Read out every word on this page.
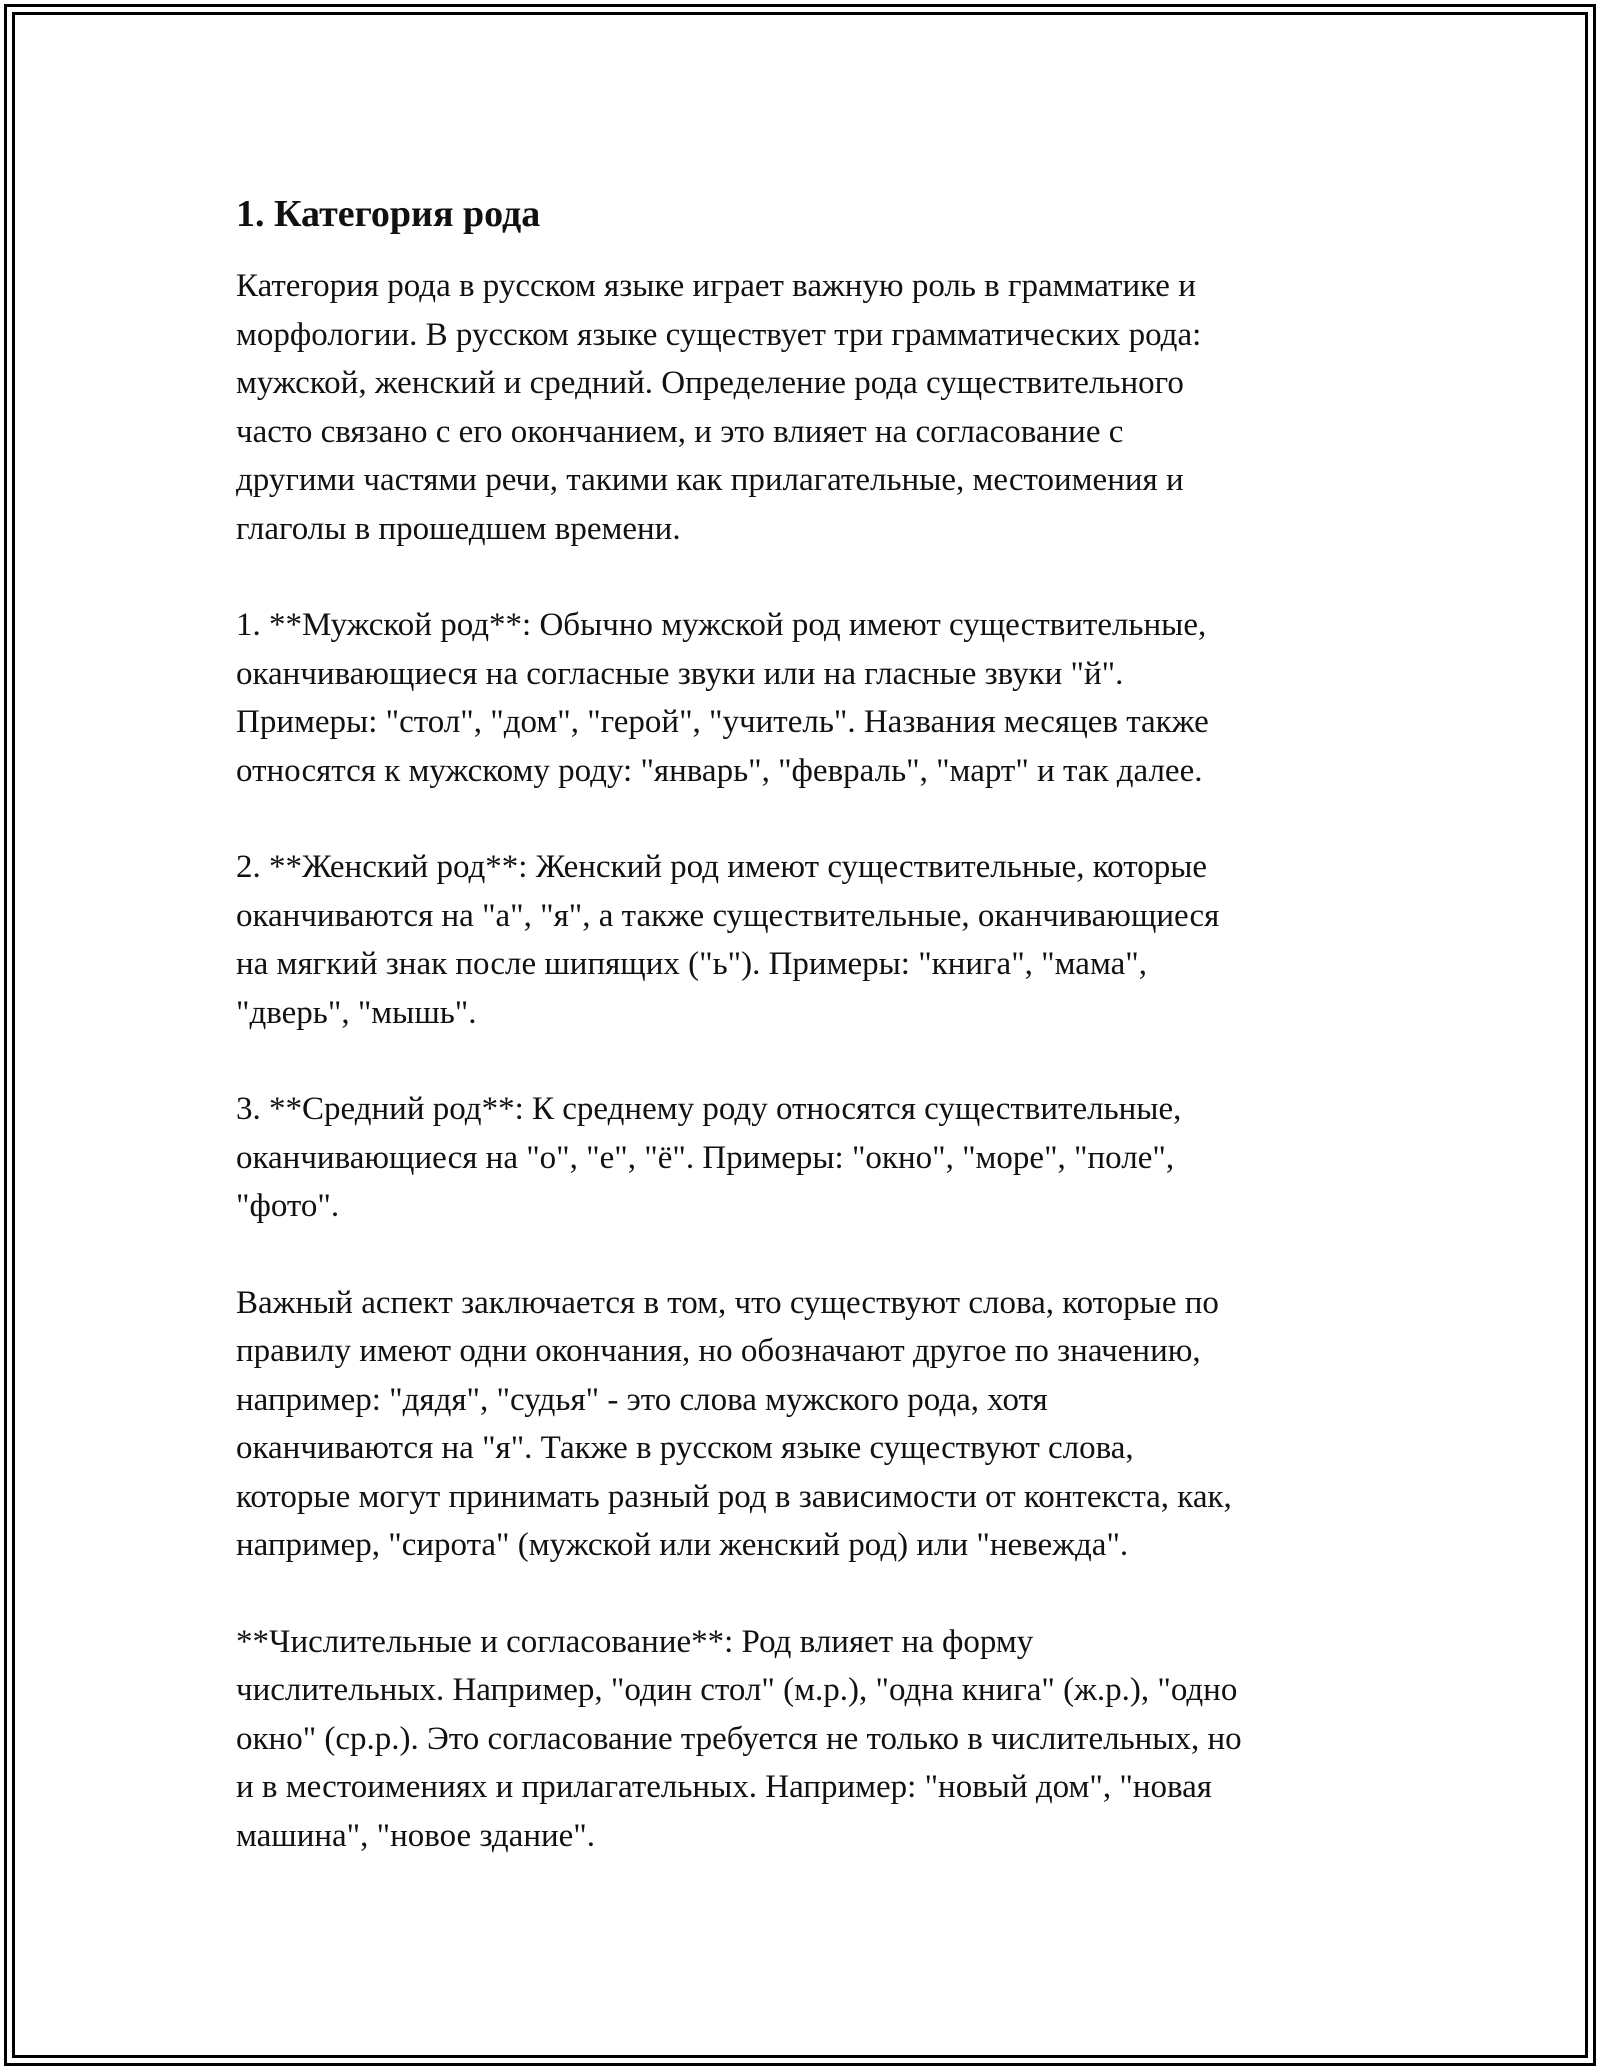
1. Категория рода

Категория рода в русском языке играет важную роль в грамматике и
морфологии. В русском языке существует три грамматических рода:
мужской, женский и средний. Определение рода существительного
часто связано с его окончанием, и это влияет на согласование с
другими частями речи, такими как прилагательные, местоимения и
глаголы в прошедшем времени.

1. **Мужской род**: Обычно мужской род имеют существительные,
оканчивающиеся на согласные звуки или на гласные звуки "й".
Примеры: "стол", "дом", "герой", "учитель". Названия месяцев также
относятся к мужскому роду: "январь", "февраль", "март" и так далее.

2. **Женский род**: Женский род имеют существительные, которые
оканчиваются на "а", "я", а также существительные, оканчивающиеся
на мягкий знак после шипящих ("ь"). Примеры: "книга", "мама",
"дверь", "мышь".

3. **Средний род**: К среднему роду относятся существительные,
оканчивающиеся на "о", "е", "ё". Примеры: "окно", "море", "поле",
"фото".

Важный аспект заключается в том, что существуют слова, которые по
правилу имеют одни окончания, но обозначают другое по значению,
например: "дядя", "судья" - это слова мужского рода, хотя
оканчиваются на "я". Также в русском языке существуют слова,
которые могут принимать разный род в зависимости от контекста, как,
например, "сирота" (мужской или женский род) или "невежда".

**Числительные и согласование**: Род влияет на форму
числительных. Например, "один стол" (м.р.), "одна книга" (ж.р.), "одно
окно" (ср.р.). Это согласование требуется не только в числительных, но
и в местоимениях и прилагательных. Например: "новый дом", "новая
машина", "новое здание".
